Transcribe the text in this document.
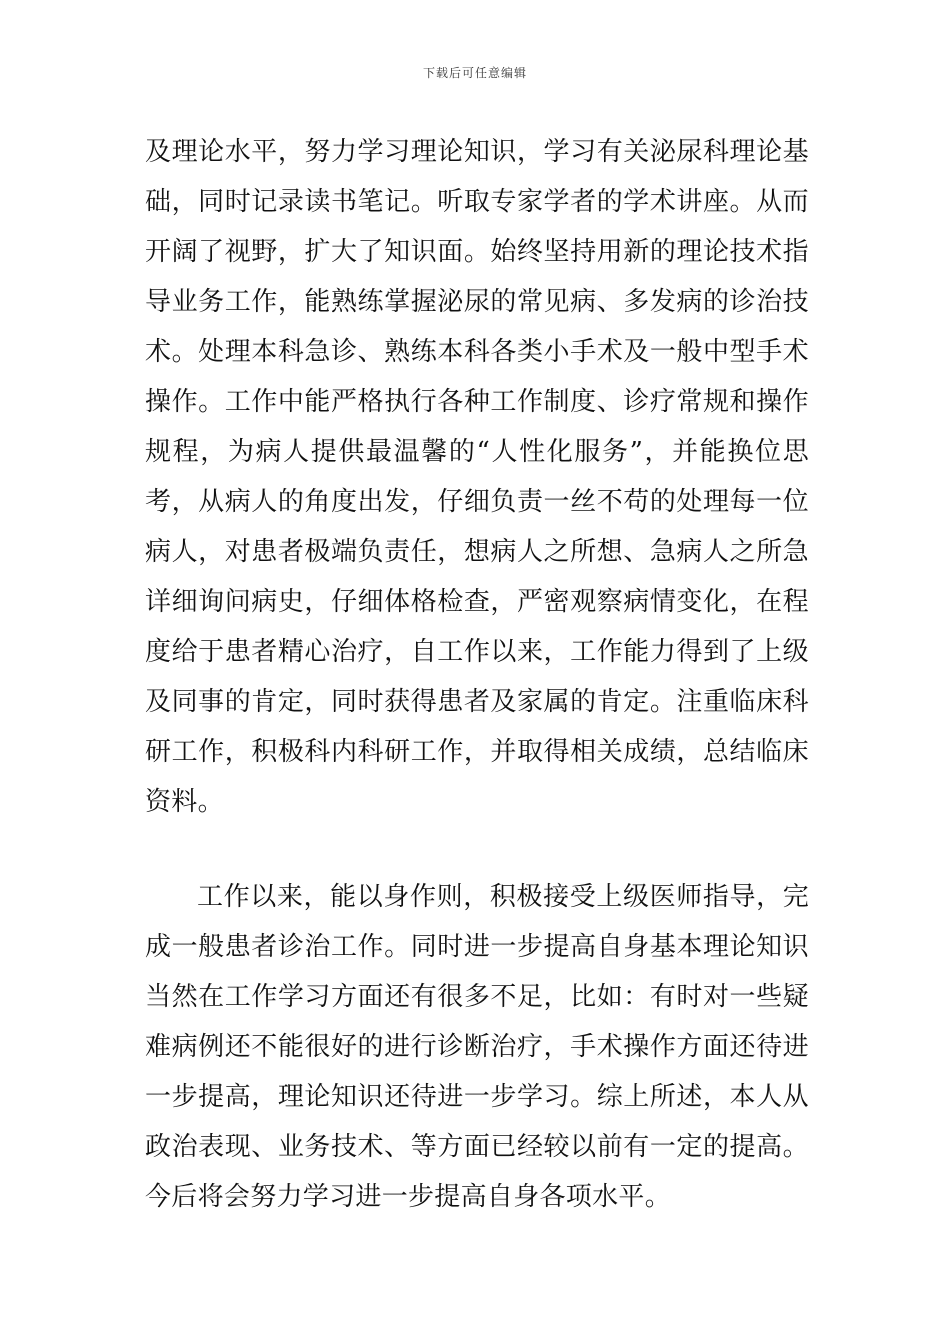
下载后可任意编辑
及理论水平，努力学习理论知识，学习有关泌尿科理论基
础，同时记录读书笔记。听取专家学者的学术讲座。从而
开阔了视野，扩大了知识面。始终坚持用新的理论技术指
导业务工作，能熟练掌握泌尿的常见病、多发病的诊治技
术。处理本科急诊、熟练本科各类小手术及一般中型手术
操作。工作中能严格执行各种工作制度、诊疗常规和操作
规程，为病人提供最温馨的“人性化服务”，并能换位思
考，从病人的角度出发，仔细负责一丝不苟的处理每一位
病人，对患者极端负责任，想病人之所想、急病人之所急
详细询问病史，仔细体格检查，严密观察病情变化，在程
度给于患者精心治疗，自工作以来，工作能力得到了上级
及同事的肯定，同时获得患者及家属的肯定。注重临床科
研工作，积极科内科研工作，并取得相关成绩，总结临床
资料。
工作以来，能以身作则，积极接受上级医师指导，完
成一般患者诊治工作。同时进一步提高自身基本理论知识
当然在工作学习方面还有很多不足，比如：有时对一些疑
难病例还不能很好的进行诊断治疗，手术操作方面还待进
一步提高，理论知识还待进一步学习。综上所述，本人从
政治表现、业务技术、等方面已经较以前有一定的提高。
今后将会努力学习进一步提高自身各项水平。
